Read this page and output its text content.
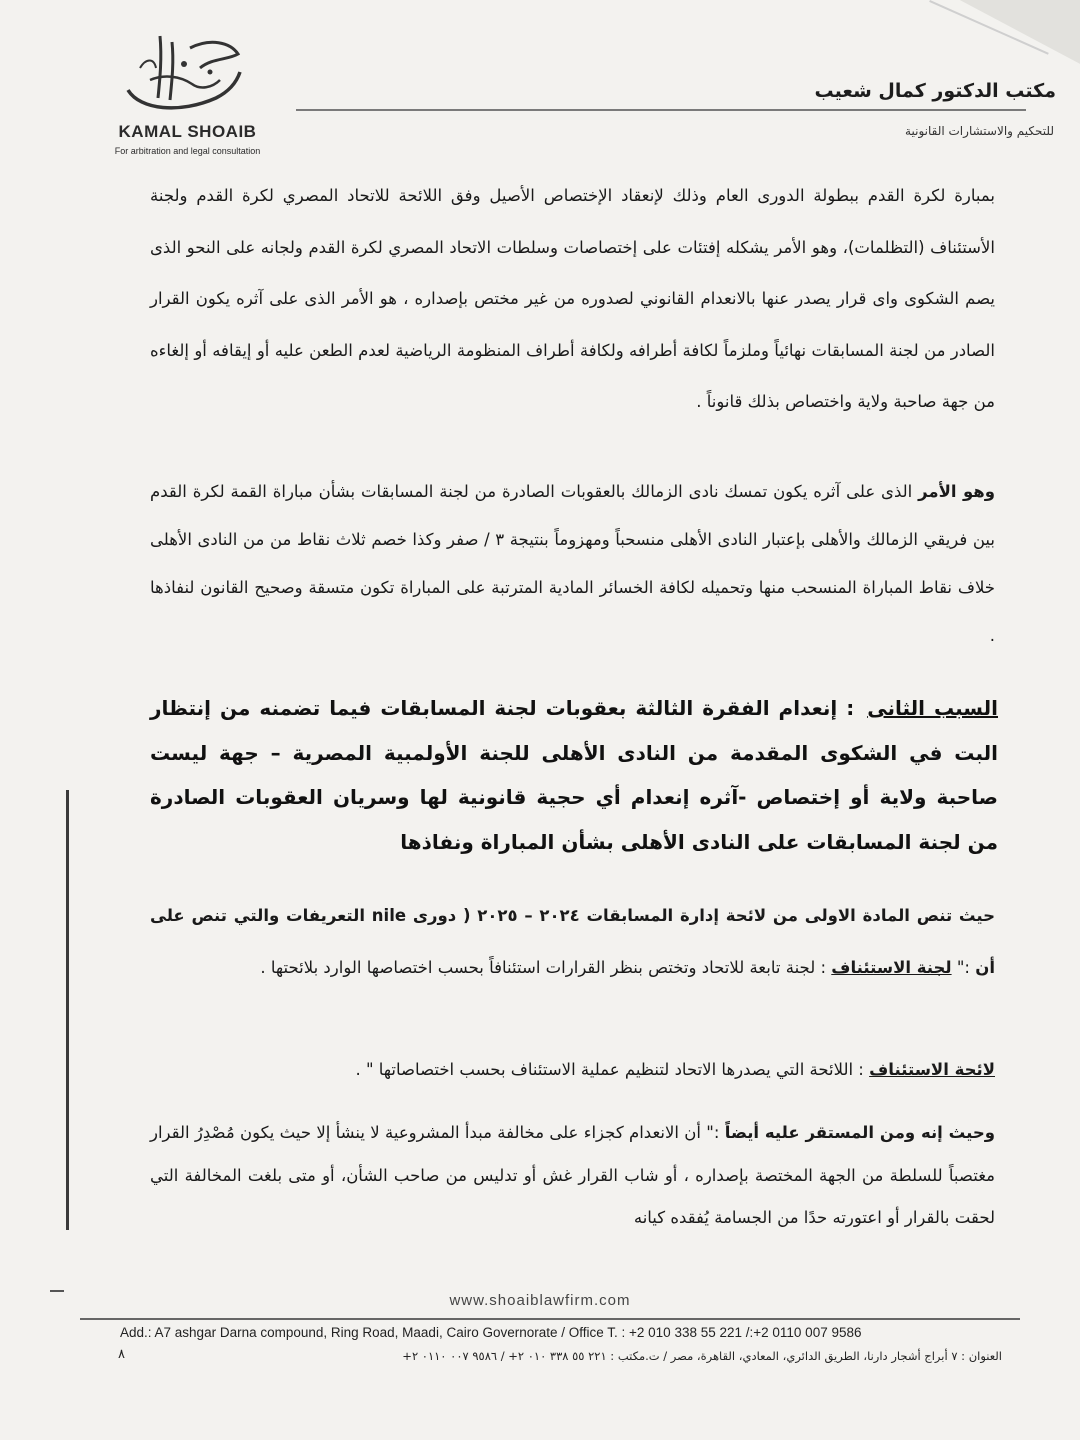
KAMAL SHOAIB
For arbitration and legal consultation
مكتب الدكتور كمال شعيب
للتحكيم والاستشارات القانونية
بمبارة لكرة القدم ببطولة الدورى العام وذلك لإنعقاد الإختصاص الأصيل وفق اللائحة للاتحاد المصري لكرة القدم ولجنة الأستئناف (التظلمات)، وهو الأمر يشكله إفتئات على إختصاصات وسلطات الاتحاد المصري لكرة القدم ولجانه على النحو الذى يصم الشكوى واى قرار يصدر عنها بالانعدام القانوني لصدوره من غير مختص بإصداره ، هو الأمر الذى على آثره يكون القرار الصادر من لجنة المسابقات نهائياً وملزماً لكافة أطرافه ولكافة أطراف المنظومة الرياضية لعدم الطعن عليه أو إيقافه أو إلغاءه من جهة صاحبة ولاية واختصاص بذلك قانوناً .
وهو الأمر الذى على آثره يكون تمسك نادى الزمالك بالعقوبات الصادرة من لجنة المسابقات بشأن مباراة القمة لكرة القدم بين فريقي الزمالك والأهلى بإعتبار النادى الأهلى منسحباً ومهزوماً بنتيجة ٣ / صفر وكذا خصم ثلاث نقاط من من النادى الأهلى خلاف نقاط المباراة المنسحب منها وتحميله لكافة الخسائر المادية المترتبة على المباراة تكون متسقة وصحيح القانون لنفاذها .
السبب الثانى : إنعدام الفقرة الثالثة بعقوبات لجنة المسابقات فيما تضمنه من إنتظار البت في الشكوى المقدمة من النادى الأهلى للجنة الأولمبية المصرية – جهة ليست صاحبة ولاية أو إختصاص -آثره إنعدام أي حجية قانونية لها وسريان العقوبات الصادرة من لجنة المسابقات على النادى الأهلى بشأن المباراة ونفاذها
حيث تنص المادة الاولى من لائحة إدارة المسابقات ٢٠٢٤ – ٢٠٢٥ ( دورى nile التعريفات والتي تنص على أن :" لجنة الاستئناف : لجنة تابعة للاتحاد وتختص بنظر القرارات استئنافاً بحسب اختصاصها الوارد بلائحتها .
لائحة الاستئناف : اللائحة التي يصدرها الاتحاد لتنظيم عملية الاستئناف بحسب اختصاصاتها " .
وحيث إنه ومن المستقر عليه أيضاً :" أن الانعدام كجزاء على مخالفة مبدأ المشروعية لا ينشأ إلا حيث يكون مُصْدِرُ القرار مغتصباً للسلطة من الجهة المختصة بإصداره ، أو شاب القرار غش أو تدليس من صاحب الشأن، أو متى بلغت المخالفة التي لحقت بالقرار أو اعتورته حدًا من الجسامة يُفقده كيانه
www.shoaiblawfirm.com
Add.: A7 ashgar Darna compound, Ring Road, Maadi, Cairo Governorate / Office T. : +2 010 338 55 221 /:+2 0110 007 9586
٨	العنوان : ٧ أبراج أشجار دارنا، الطريق الدائري، المعادي، القاهرة، مصر / ت.مكتب : ٢٢١ ٥٥ ٣٣٨ ٠١٠ ٢+ / ٩٥٨٦ ٠٠٧ ٠١١٠ ٢+
